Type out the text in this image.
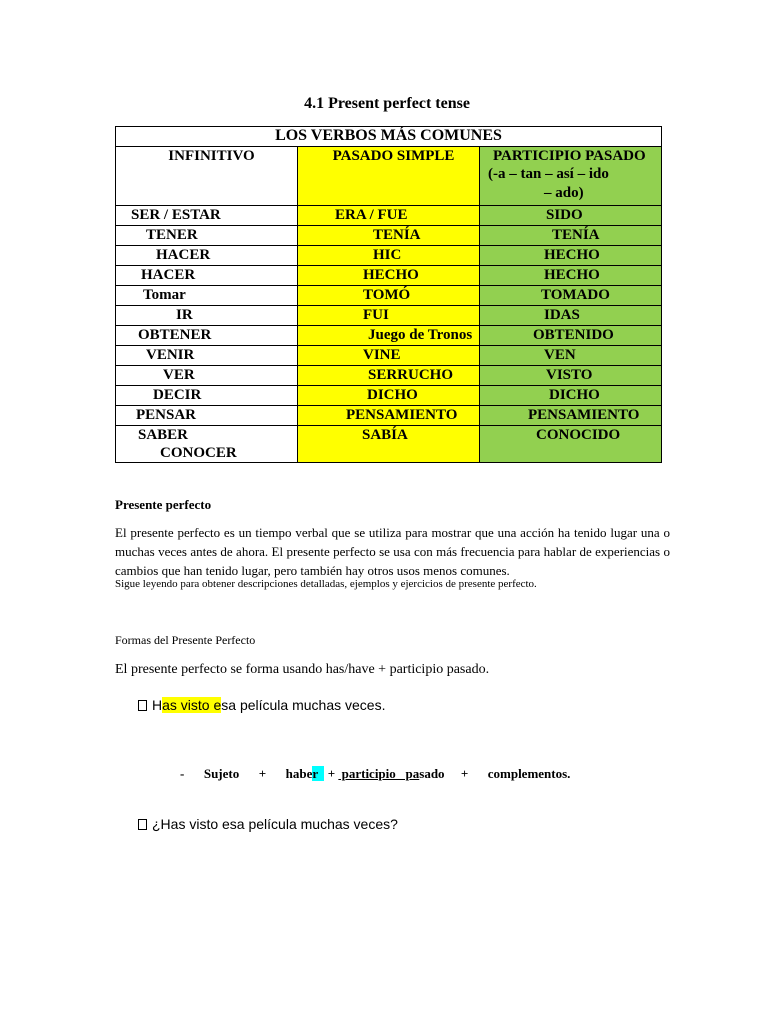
4.1 Present perfect tense
LOS VERBOS MÁS COMUNES		
INFINITIVO	PASADO SIMPLE	PARTICIPIO PASADO
(-a – tan – así – ido
– ado)

SER / ESTAR	ERA / FUE	SIDO

TENER	TENÍA	TENÍA

HACER	HIC	HECHO

HACER	HECHO	HECHO

Tomar	TOMÓ	TOMADO

IR	FUI	IDAS

OBTENER	Juego de Tronos	OBTENIDO

VENIR	VINE	VEN

VER	SERRUCHO	VISTO

DECIR	DICHO	DICHO

PENSAR	PENSAMIENTO	PENSAMIENTO

SABER
CONOCER	SABÍA	CONOCIDO
Presente perfecto
El presente perfecto es un tiempo verbal que se utiliza para mostrar que una acción ha tenido lugar una o muchas veces antes de ahora. El presente perfecto se usa con más frecuencia para hablar de experiencias o cambios que han tenido lugar, pero también hay otros usos menos comunes.
Sigue leyendo para obtener descripciones detalladas, ejemplos y ejercicios de presente perfecto.
Formas del Presente Perfecto
El presente perfecto se forma usando has/have + participio pasado.
Has visto esa película muchas veces.
- Sujeto + haber   +  participio   pasado + complementos.
¿Has visto esa película muchas veces?
